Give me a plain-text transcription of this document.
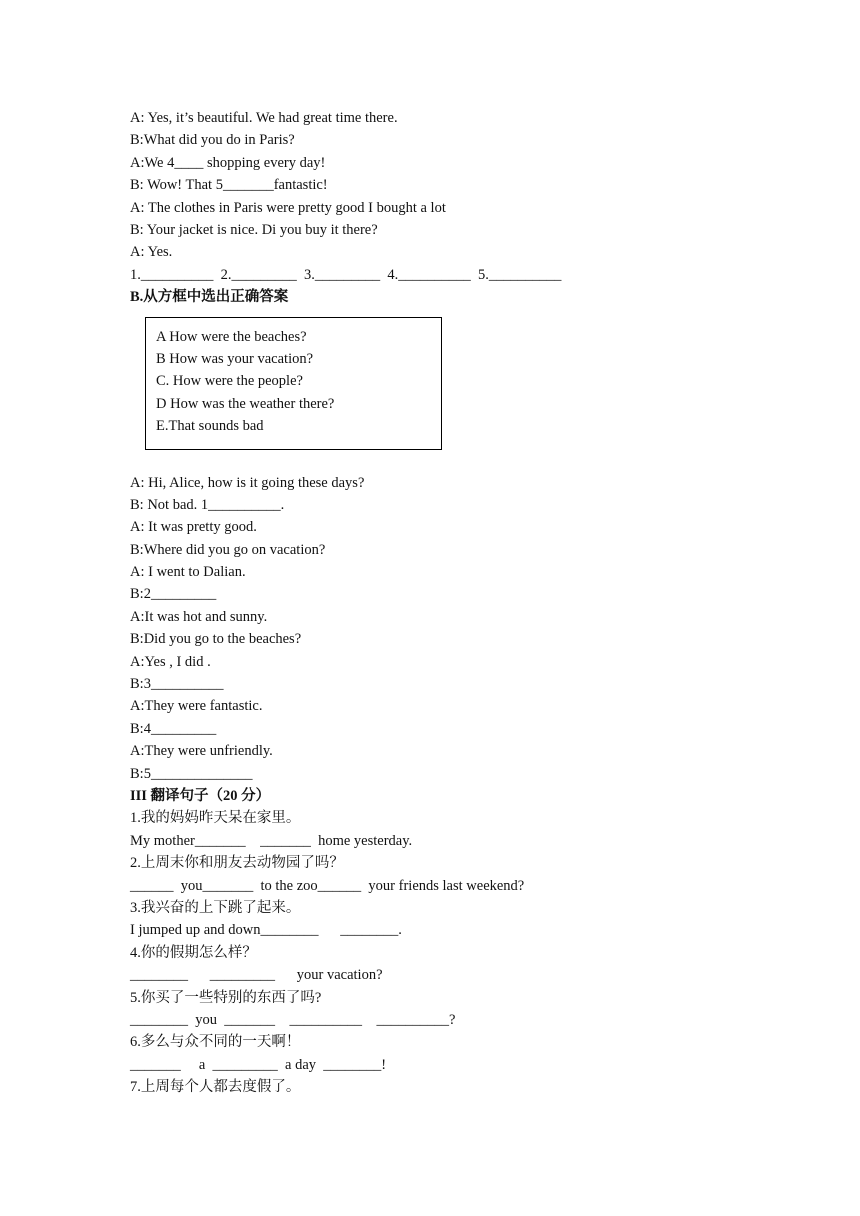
A: Yes, it’s beautiful. We had great time there.
B:What did you do in Paris?
A:We 4____ shopping every day!
B: Wow! That 5_______fantastic!
A: The clothes in Paris were pretty good I bought a lot
B: Your jacket is nice. Di you buy it there?
A: Yes.
1.__________  2._________  3._________  4.__________  5.__________
B.从方框中选出正确答案
A How were the beaches?
B How was your vacation?
C. How were the people?
D How was the weather there?
E.That sounds bad
A: Hi, Alice, how is it going these days?
B: Not bad. 1__________.
A: It was pretty good.
B:Where did you go on vacation?
A: I went to Dalian.
B:2_________
A:It was hot and sunny.
B:Did you go to the beaches?
A:Yes , I did .
B:3__________
A:They were fantastic.
B:4_________
A:They were unfriendly.
B:5______________
III 翻译句子（20 分）
1.我的妈妈昨天呆在家里。
My mother_______    _______  home yesterday.
2.上周末你和朋友去动物园了吗？
______  you_______  to the zoo______  your friends last weekend?
3.我兴奋的上下跳了起来。
I jumped up and down________      ________.
4.你的假期怎么样？
________      _________      your vacation?
5.你买了一些特别的东西了吗?
________  you  _______    __________    __________?
6.多么与众不同的一天啊！
_______     a  _________  a day  ________!
7.上周每个人都去度假了。
